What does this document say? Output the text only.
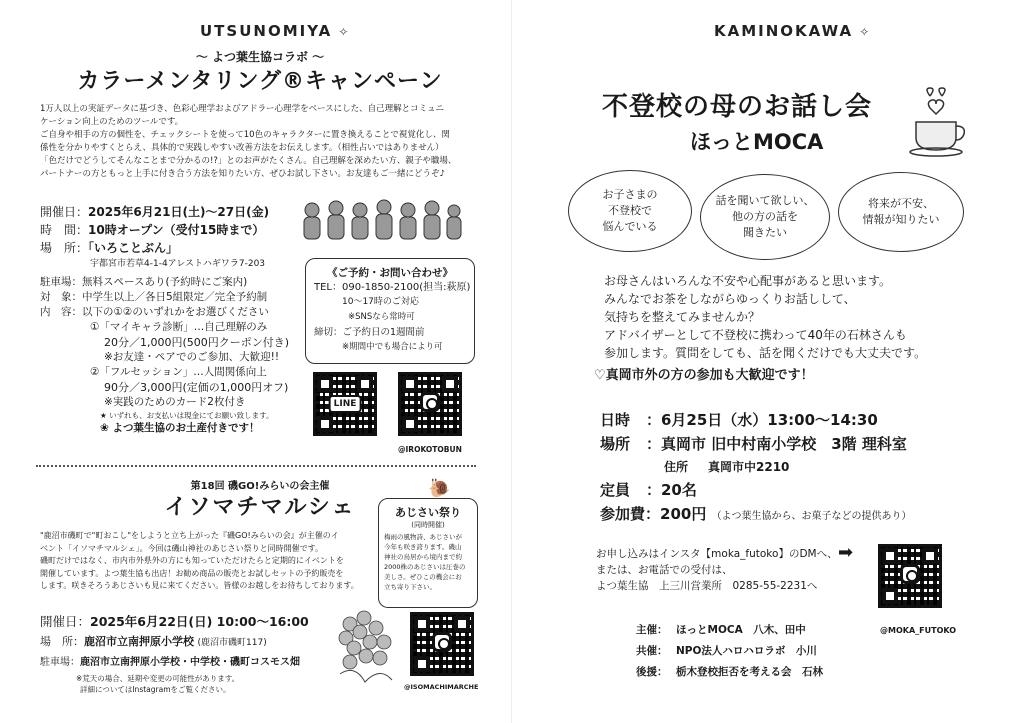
UTSUNOMIYA ✧
～ よつ葉生協コラボ ～
カラーメンタリング®キャンペーン
1万人以上の実証データに基づき、色彩心理学およびアドラー心理学をベースにした、自己理解とコミュニ
ケーション向上のためのツールです。
ご自身や相手の方の個性を、チェックシートを使って10色のキャラクターに置き換えることで視覚化し、関
係性を分かりやすくとらえ、具体的で実践しやすい改善方法をお伝えします。（相性占いではありません）
「色だけでどうしてそんなことまで分かるの!?」とのお声がたくさん。自己理解を深めたい方、親子や職場、
パートナーの方ともっと上手に付き合う方法を知りたい方、ぜひお試し下さい。お友達もご一緒にどうぞ♪
開催日：2025年6月21日(土)～27日(金)
時　間：10時オープン（受付15時まで）
場　所：「いろことぶん」
宇都宮市若草4-1-4アレストハギワラ7-203
駐車場：無料スペースあり(予約時にご案内)
対　象：中学生以上／各日5組限定／完全予約制
内　容：以下の①②のいずれかをお選びください
①「マイキャラ診断」…自己理解のみ
20分／1,000円(500円クーポン付き)
※お友達・ペアでのご参加、大歓迎!!
②「フルセッション」…人間関係向上
90分／3,000円(定価の1,000円オフ)
※実践のためのカード2枚付き
★ いずれも、お支払いは現金にてお願い致します。
❀ よつ葉生協のお土産付きです！
《ご予約・お問い合わせ》
TEL：090-1850-2100(担当:萩原)
10～17時のご対応
※SNSなら常時可
締切：ご予約日の1週間前
※期間中でも場合により可
LINE
@IROKOTOBUN
第18回 磯GO!みらいの会主催
イソマチマルシェ
🐌
"鹿沼市磯町で"町おこし"をしようと立ち上がった『磯GO!みらいの会』が主催のイ
ベント「イソマチマルシェ」。今回は磯山神社のあじさい祭りと同時開催です。
磯町だけではなく、市内市外県外の方にも知っていただけたらと定期的にイベントを
開催しています。よつ葉生協も出店！お勧め商品の販売とお試しセットの予約販売を
します。咲きそろうあじさいも見に来てください。皆様のお越しをお待ちしております。
あじさい祭り
(同時開催)
梅雨の風物詩、あじさいが
今年も咲き誇ります。磯山
神社の鳥居から境内まで約
2000株のあじさいは圧巻の
美しさ。ぜひこの機会にお
立ち寄り下さい。
開催日：2025年6月22日(日) 10:00～16:00
場　所：鹿沼市立南押原小学校 (鹿沼市磯町117)
駐車場：鹿沼市立南押原小学校・中学校・磯町コスモス畑
※荒天の場合、延期や変更の可能性があります。
詳細についてはInstagramをご覧ください。	@ISOMACHIMARCHE
KAMINOKAWA ✧
不登校の母のお話し会
ほっとMOCA
お子さまの
不登校で
悩んでいる
話を聞いて欲しい、
他の方の話を
聞きたい
将来が不安、
情報が知りたい
お母さんはいろんな不安や心配事があると思います。
みんなでお茶をしながらゆっくりお話しして、
気持ちを整えてみませんか？
アドバイザーとして不登校に携わって40年の石林さんも
参加します。質問をしても、話を聞くだけでも大丈夫です。
♡真岡市外の方の参加も大歓迎です！
日時 ：6月25日（水）13:00～14:30
場所 ：真岡市 旧中村南小学校　3階 理科室
住所 真岡市中2210
定員 ：20名
参加費：200円 （よつ葉生協から、お菓子などの提供あり）
お申し込みはインスタ【moka_futoko】のDMへ、
または、お電話での受付は、
よつ葉生協　上三川営業所　0285-55-2231へ
➡
@MOKA_FUTOKO
主催： ほっとMOCA　八木、田中
共催： NPO法人ハロハロラボ　小川
後援： 栃木登校拒否を考える会　石林
